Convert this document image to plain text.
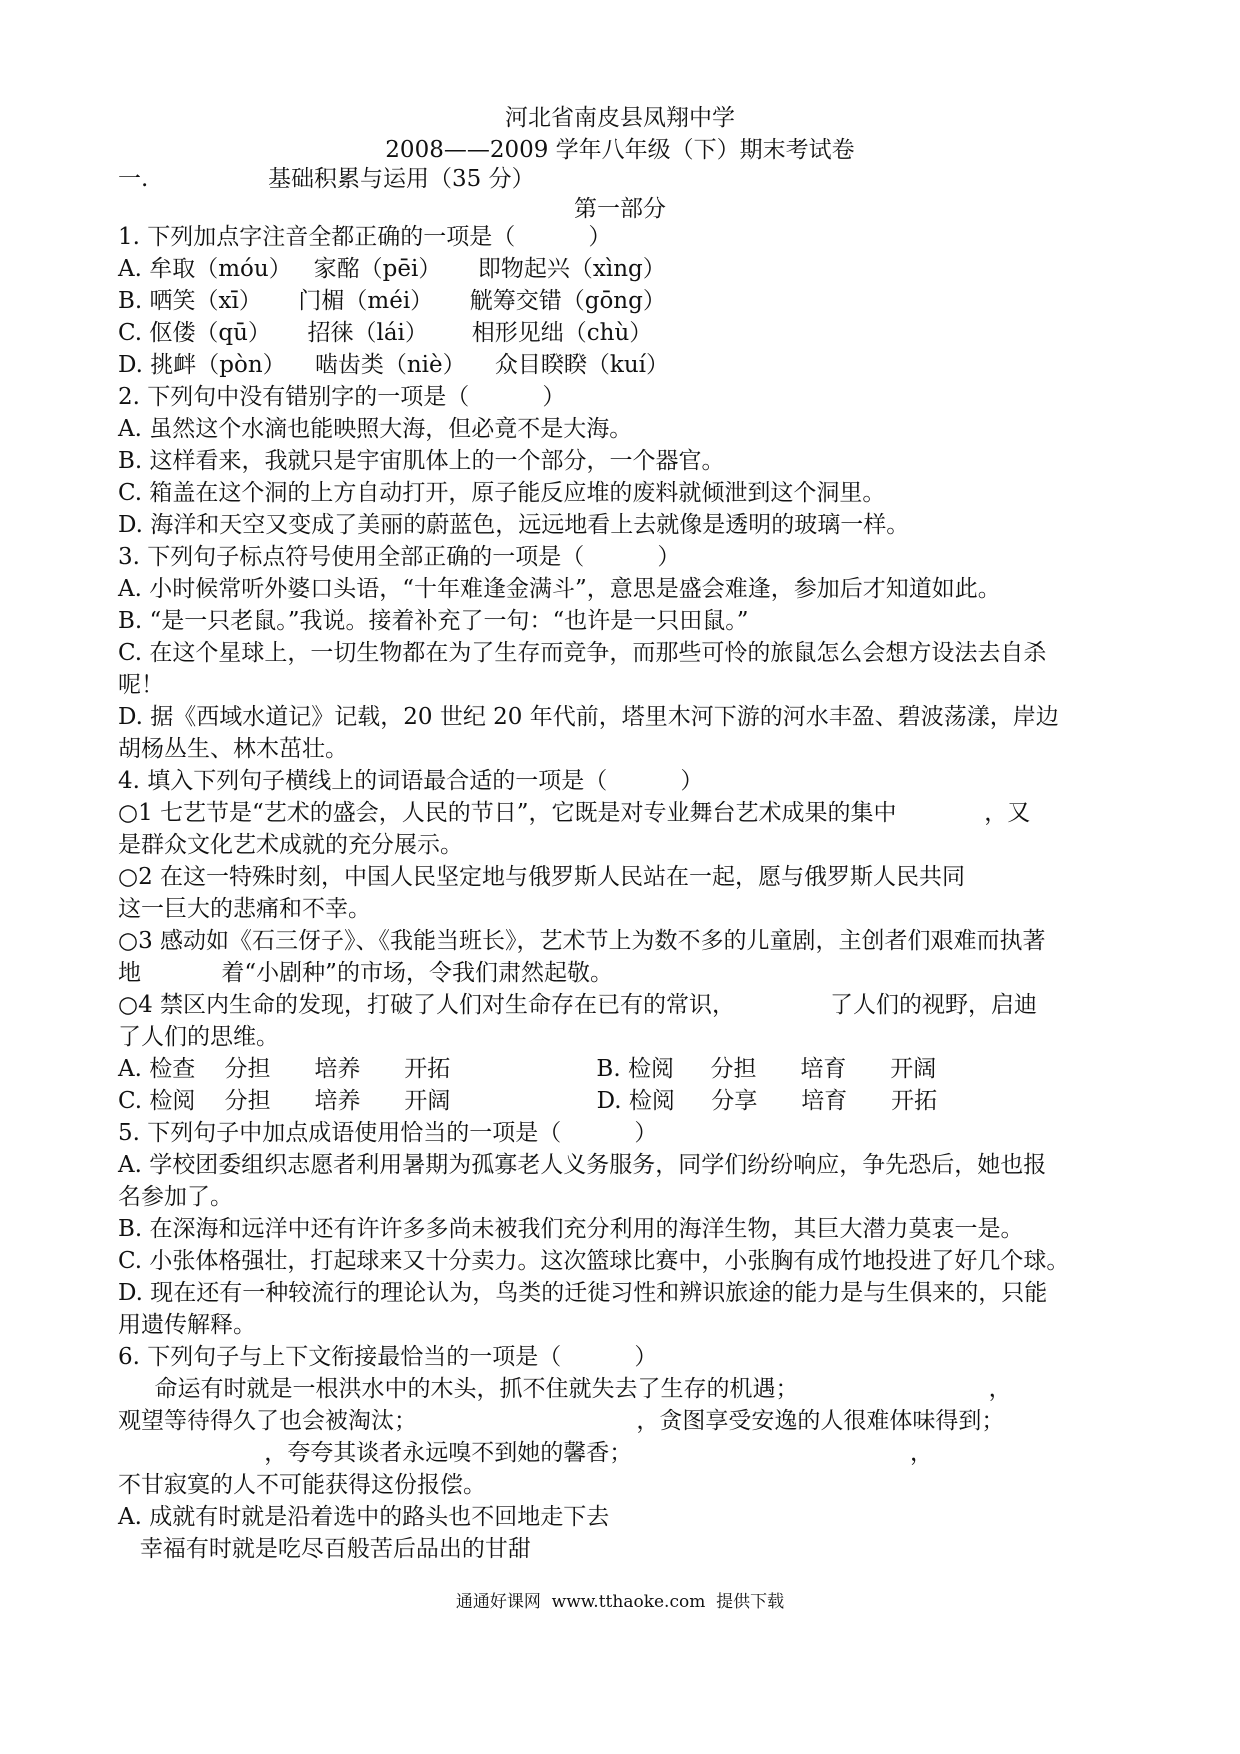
河北省南皮县凤翔中学
2008——2009 学年八年级（下）期末考试卷
一.	基础积累与运用（35 分）
第一部分
1. 下列加点字注音全都正确的一项是（          ）
A. 牟取（móu）   家酩（pēi）     即物起兴（xìng）
B. 哂笑（xī）     门楣（méi）     觥筹交错（gōng）
C. 伛偻（qū）     招徕（lái）      相形见绌（chù）
D. 挑衅（pòn）    啮齿类（niè）    众目睽睽（kuí）
2. 下列句中没有错别字的一项是（          ）
A. 虽然这个水滴也能映照大海，但必竟不是大海。
B. 这样看来，我就只是宇宙肌体上的一个部分，一个器官。
C. 箱盖在这个洞的上方自动打开，原子能反应堆的废料就倾泄到这个洞里。
D. 海洋和天空又变成了美丽的蔚蓝色，远远地看上去就像是透明的玻璃一样。
3. 下列句子标点符号使用全部正确的一项是（          ）
A. 小时候常听外婆口头语，“十年难逢金满斗”，意思是盛会难逢，参加后才知道如此。
B. “是一只老鼠。”我说。接着补充了一句：“也许是一只田鼠。”
C. 在这个星球上，一切生物都在为了生存而竞争，而那些可怜的旅鼠怎么会想方设法去自杀
呢！
D. 据《西域水道记》记载，20 世纪 20 年代前，塔里木河下游的河水丰盈、碧波荡漾，岸边
胡杨丛生、林木茁壮。
4. 填入下列句子横线上的词语最合适的一项是（          ）
○1 七艺节是“艺术的盛会，人民的节日”，它既是对专业舞台艺术成果的集中            ，又
是群众文化艺术成就的充分展示。
○2 在这一特殊时刻，中国人民坚定地与俄罗斯人民站在一起，愿与俄罗斯人民共同
这一巨大的悲痛和不幸。
○3 感动如《石三伢子》、《我能当班长》，艺术节上为数不多的儿童剧，主创者们艰难而执著
地           着“小剧种”的市场，令我们肃然起敬。
○4 禁区内生命的发现，打破了人们对生命存在已有的常识，             了人们的视野，启迪
了人们的思维。
A. 检查    分担      培养      开拓                    B. 检阅     分担      培育      开阔
C. 检阅    分担      培养      开阔                    D. 检阅     分享      培育      开拓
5. 下列句子中加点成语使用恰当的一项是（          ）
A. 学校团委组织志愿者利用暑期为孤寡老人义务服务，同学们纷纷响应，争先恐后，她也报
名参加了。
B. 在深海和远洋中还有许许多多尚未被我们充分利用的海洋生物，其巨大潜力莫衷一是。
C. 小张体格强壮，打起球来又十分卖力。这次篮球比赛中，小张胸有成竹地投进了好几个球。
D. 现在还有一种较流行的理论认为，鸟类的迁徙习性和辨识旅途的能力是与生俱来的，只能
用遗传解释。
6. 下列句子与上下文衔接最恰当的一项是（          ）
命运有时就是一根洪水中的木头，抓不住就失去了生存的机遇；                          ，
观望等待得久了也会被淘汰；                              ，贪图享受安逸的人很难体味得到；
，夸夸其谈者永远嗅不到她的馨香；                                      ，
不甘寂寞的人不可能获得这份报偿。
A. 成就有时就是沿着选中的路头也不回地走下去
幸福有时就是吃尽百般苦后品出的甘甜
通通好课网  www.tthaoke.com  提供下载
